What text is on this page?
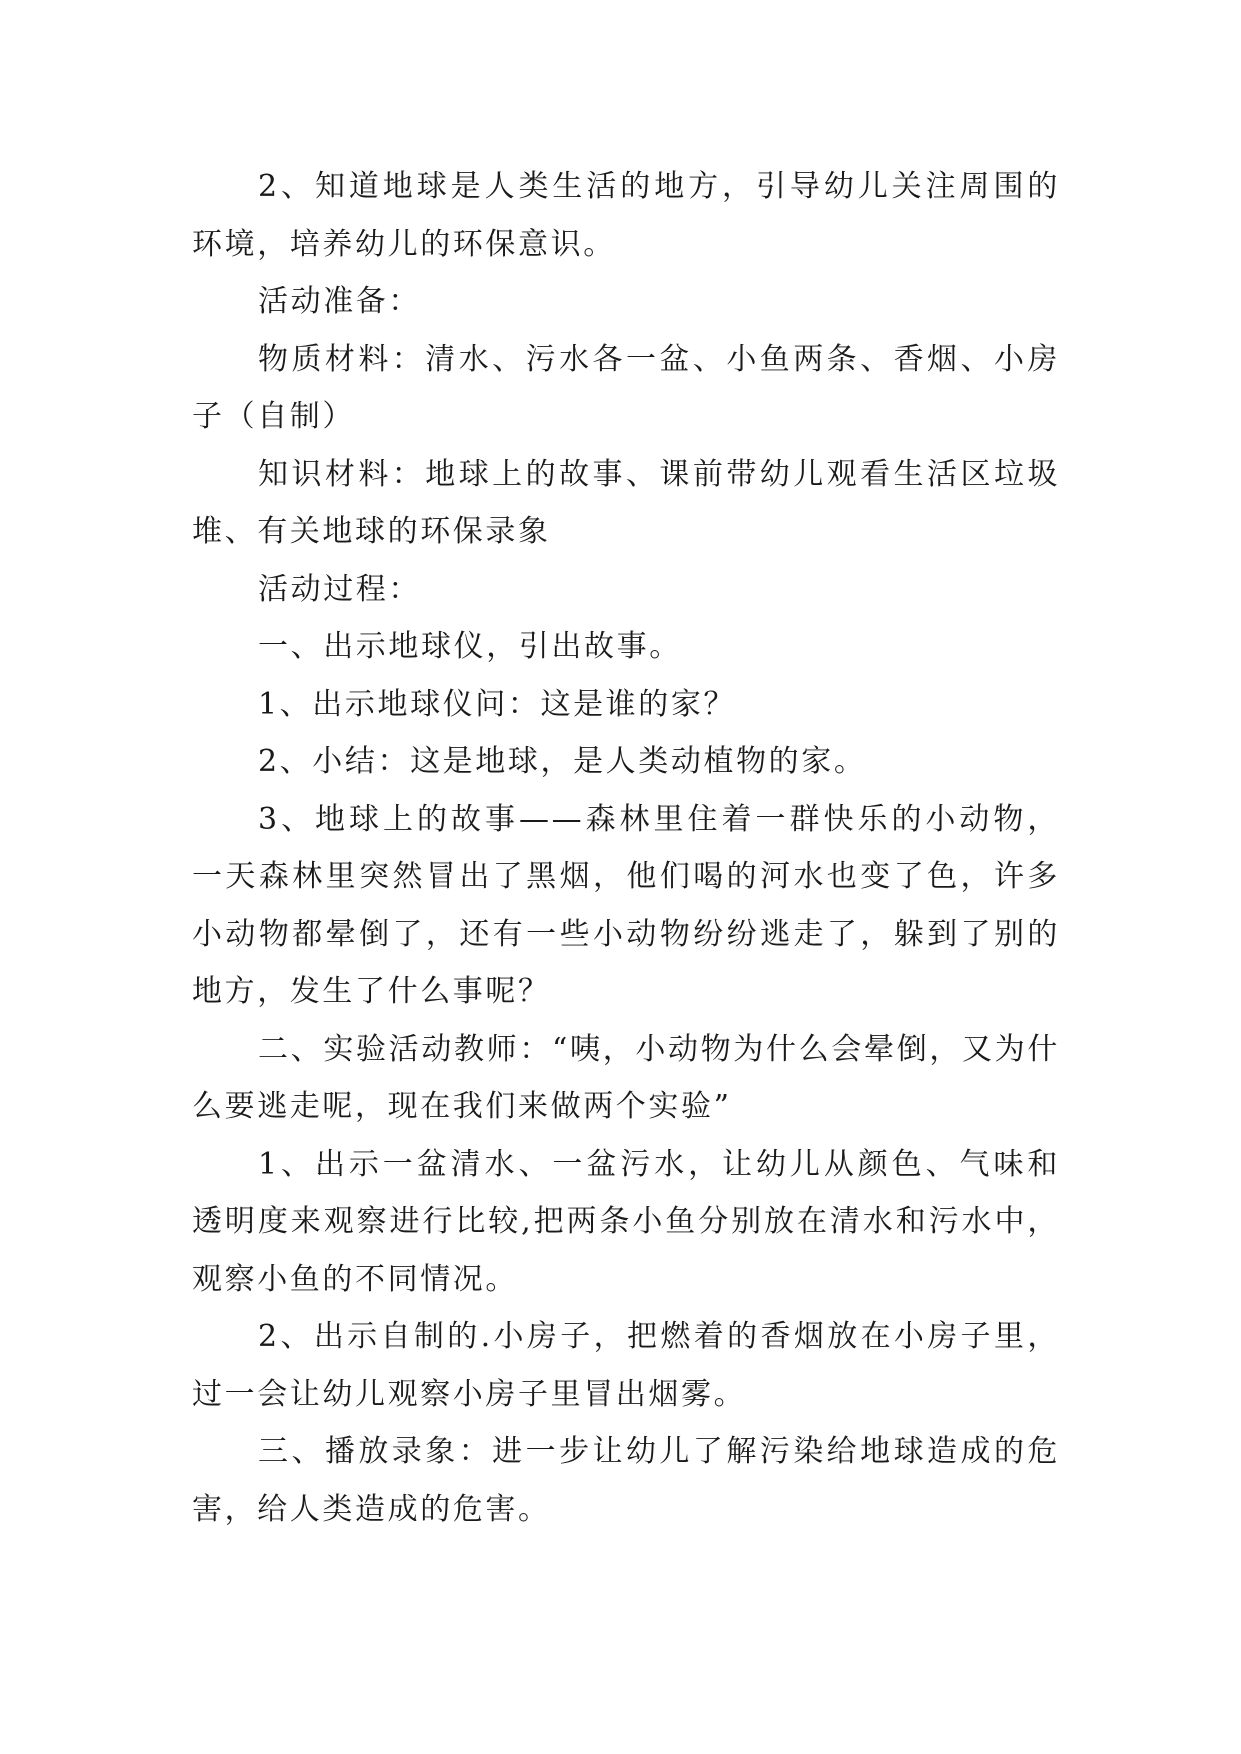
2、知道地球是人类生活的地方，引导幼儿关注周围的环境，培养幼儿的环保意识。

活动准备：

物质材料：清水、污水各一盆、小鱼两条、香烟、小房子（自制）

知识材料：地球上的故事、课前带幼儿观看生活区垃圾堆、有关地球的环保录象

活动过程：

一、出示地球仪，引出故事。

1、出示地球仪问：这是谁的家？

2、小结：这是地球，是人类动植物的家。

3、地球上的故事——森林里住着一群快乐的小动物，一天森林里突然冒出了黑烟，他们喝的河水也变了色，许多小动物都晕倒了，还有一些小动物纷纷逃走了，躲到了别的地方，发生了什么事呢？

二、实验活动教师：“咦，小动物为什么会晕倒，又为什么要逃走呢，现在我们来做两个实验”

1、出示一盆清水、一盆污水，让幼儿从颜色、气味和透明度来观察进行比较,把两条小鱼分别放在清水和污水中，观察小鱼的不同情况。

2、出示自制的.小房子，把燃着的香烟放在小房子里，过一会让幼儿观察小房子里冒出烟雾。

三、播放录象：进一步让幼儿了解污染给地球造成的危害，给人类造成的危害。
